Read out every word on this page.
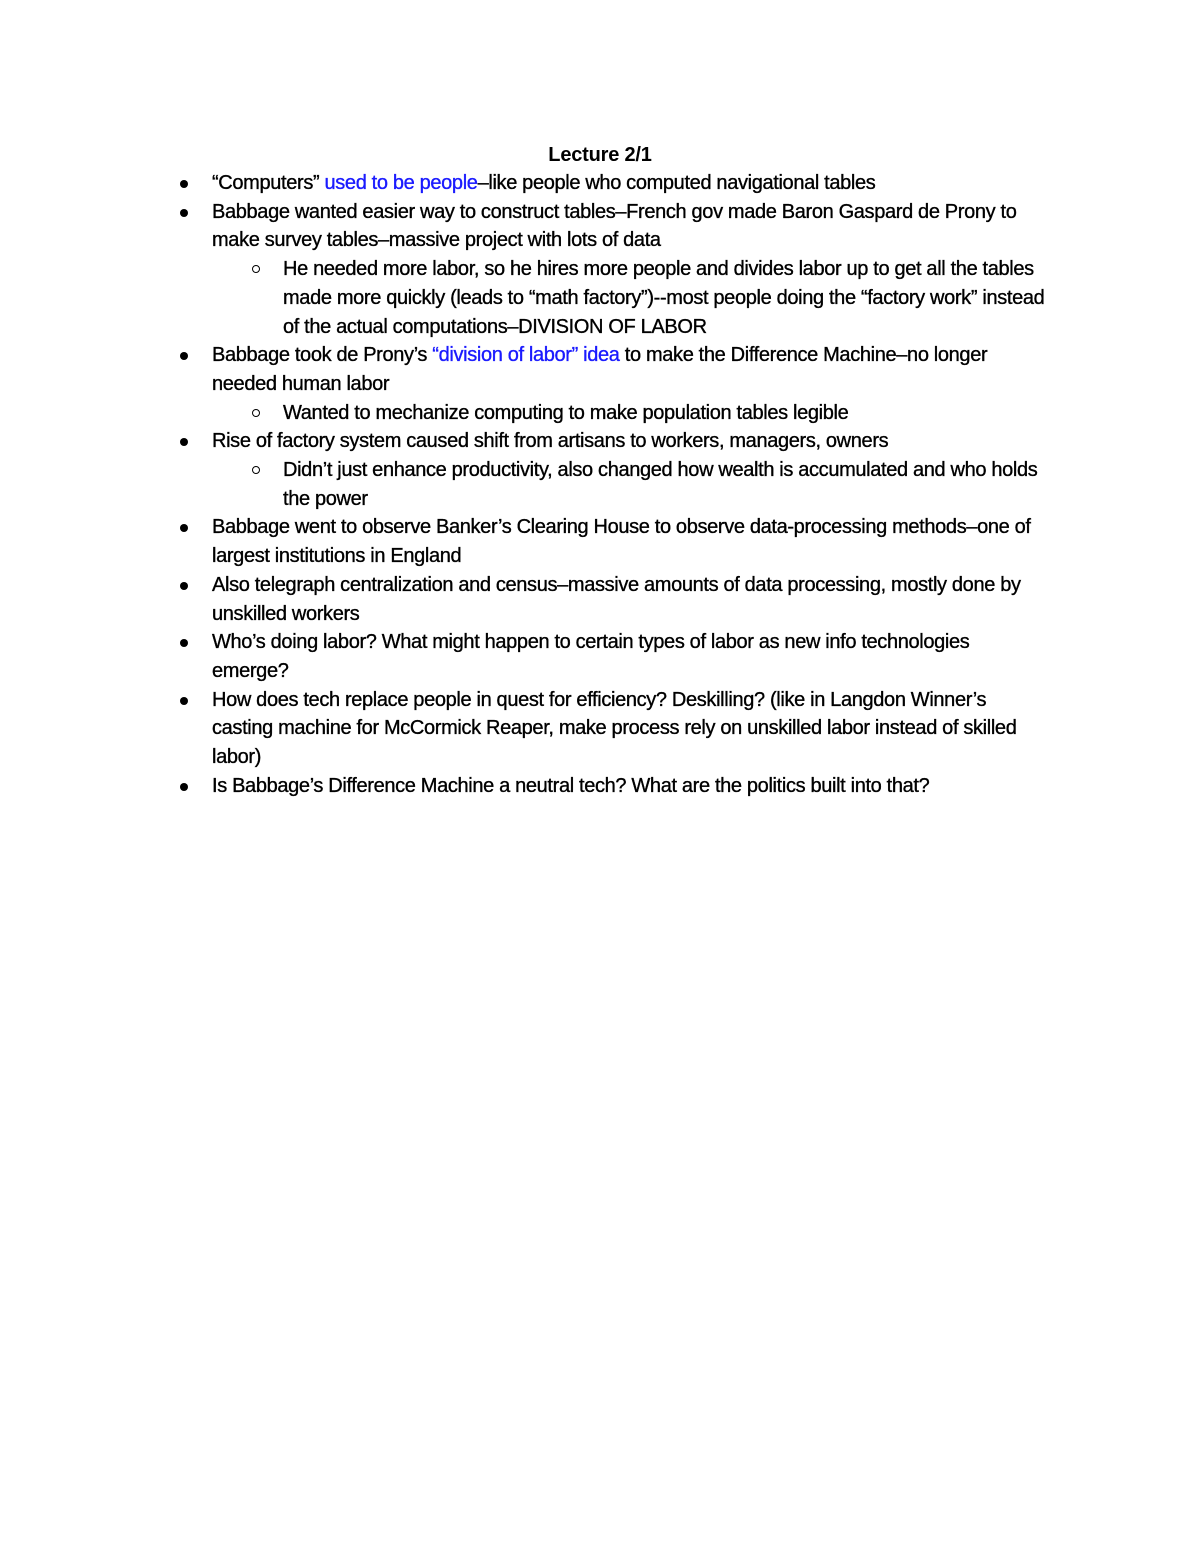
Lecture 2/1
“Computers” used to be people–like people who computed navigational tables
Babbage wanted easier way to construct tables–French gov made Baron Gaspard de Prony to make survey tables–massive project with lots of data
He needed more labor, so he hires more people and divides labor up to get all the tables made more quickly (leads to “math factory”)--most people doing the “factory work” instead of the actual computations–DIVISION OF LABOR
Babbage took de Prony’s “division of labor” idea to make the Difference Machine–no longer needed human labor
Wanted to mechanize computing to make population tables legible
Rise of factory system caused shift from artisans to workers, managers, owners
Didn’t just enhance productivity, also changed how wealth is accumulated and who holds the power
Babbage went to observe Banker’s Clearing House to observe data-processing methods–one of largest institutions in England
Also telegraph centralization and census–massive amounts of data processing, mostly done by unskilled workers
Who’s doing labor? What might happen to certain types of labor as new info technologies emerge?
How does tech replace people in quest for efficiency? Deskilling? (like in Langdon Winner’s casting machine for McCormick Reaper, make process rely on unskilled labor instead of skilled labor)
Is Babbage’s Difference Machine a neutral tech? What are the politics built into that?
